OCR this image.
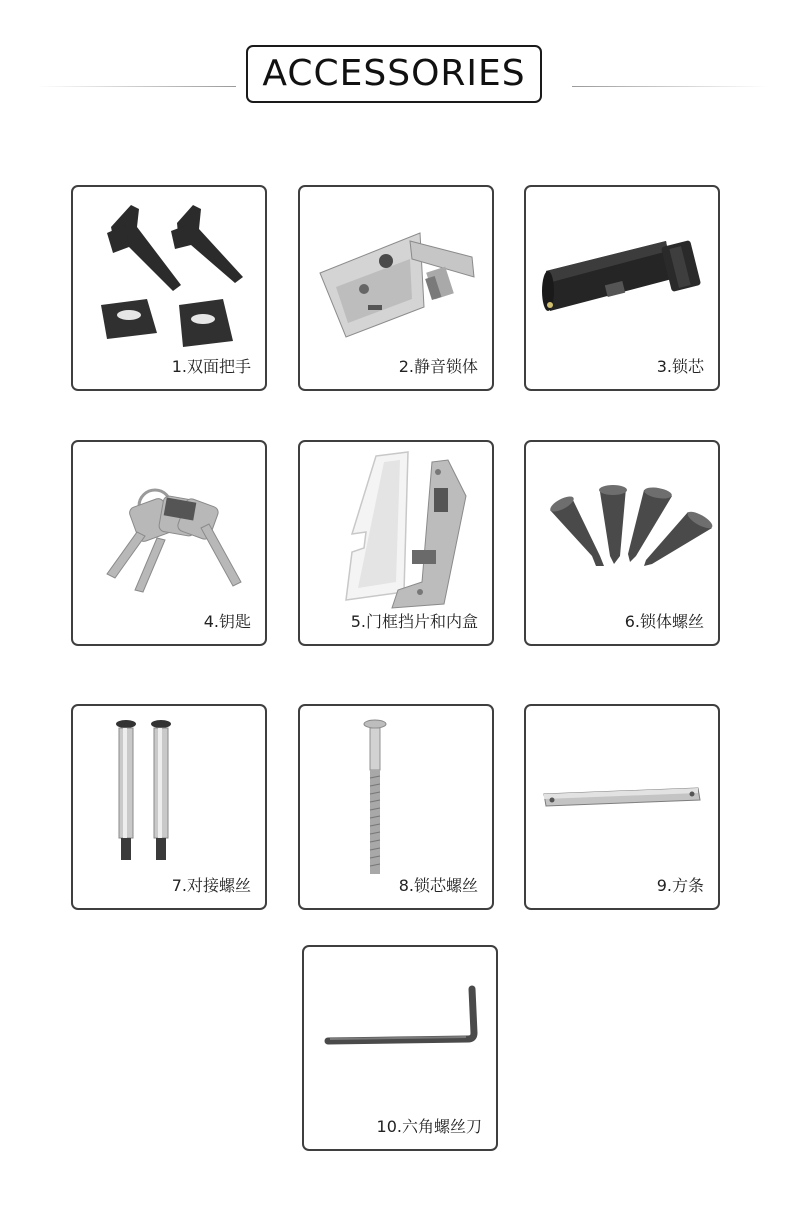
ACCESSORIES
1.双面把手	2.静音锁体	3.锁芯
4.钥匙	5.门框挡片和内盒	6.锁体螺丝
7.对接螺丝	8.锁芯螺丝	9.方条
10.六角螺丝刀
